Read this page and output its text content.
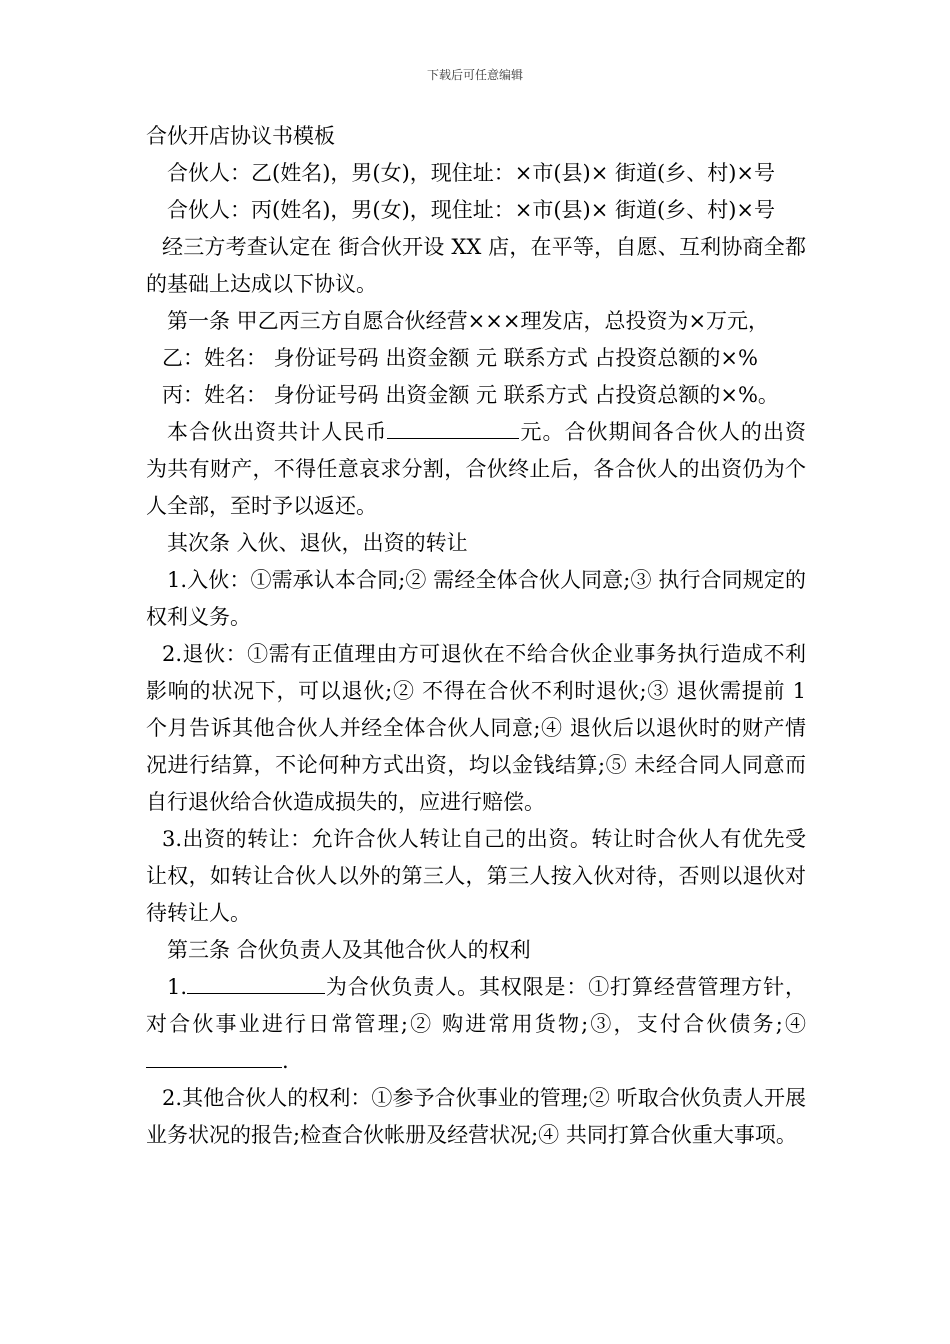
下载后可任意编辑

合伙开店协议书模板

合伙人：乙(姓名)，男(女)，现住址：×市(县)× 街道(乡、村)×号

合伙人：丙(姓名)，男(女)，现住址：×市(县)× 街道(乡、村)×号

经三方考查认定在 街合伙开设 XX 店，在平等，自愿、互利协商全都的基础上达成以下协议。

第一条 甲乙丙三方自愿合伙经营×××理发店，总投资为×万元，

乙：姓名： 身份证号码 出资金额 元 联系方式 占投资总额的×%

丙：姓名： 身份证号码 出资金额 元 联系方式 占投资总额的×%。

本合伙出资共计人民币	元。合伙期间各合伙人的出资 为共有财产，不得任意哀求分割，合伙终止后，各合伙人的出资仍为个人全部，至时予以返还。

其次条 入伙、退伙，出资的转让

1.入伙：①需承认本合同;② 需经全体合伙人同意;③ 执行合同规定的权利义务。

2.退伙：①需有正值理由方可退伙在不给合伙企业事务执行造成不利影响的状况下，可以退伙;② 不得在合伙不利时退伙;③ 退伙需提前 1 个月告诉其他合伙人并经全体合伙人同意;④ 退伙后以退伙时的财产情况进行结算，不论何种方式出资，均以金钱结算;⑤ 未经合同人同意而自行退伙给合伙造成损失的，应进行赔偿。

3.出资的转让：允许合伙人转让自己的出资。转让时合伙人有优先受让权，如转让合伙人以外的第三人，第三人按入伙对待，否则以退伙对待转让人。

第三条 合伙负责人及其他合伙人的权利

1.	为合伙负责人。其权限是：①打算经营管理方针，对合伙事业进行日常管理;② 购进常用货物;③，支付合伙债务;④.

2.其他合伙人的权利：①参予合伙事业的管理;② 听取合伙负责人开展业务状况的报告;检查合伙帐册及经营状况;④ 共同打算合伙重大事项。
